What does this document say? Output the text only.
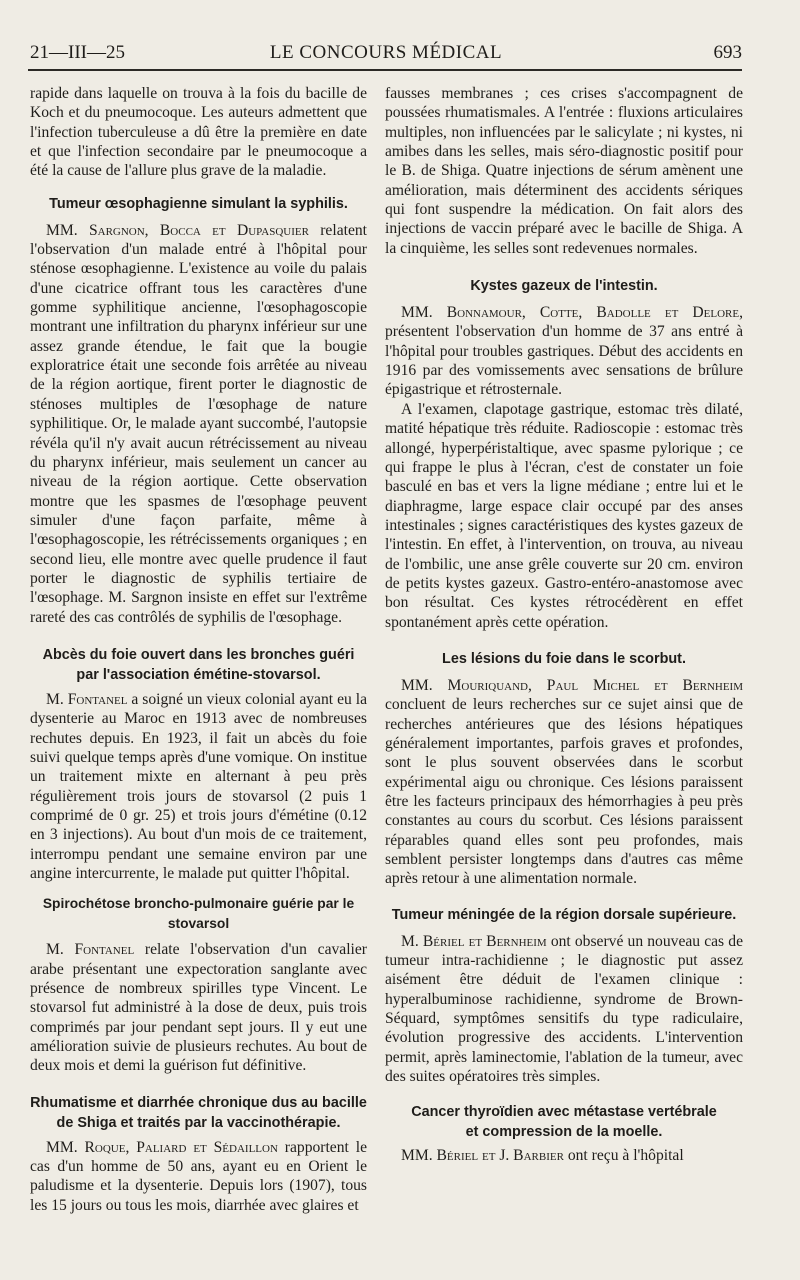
21—III—25	LE CONCOURS MÉDICAL	693

rapide dans laquelle on trouva à la fois du bacille de Koch et du pneumocoque. Les auteurs admettent que l'infection tuberculeuse a dû être la première en date et que l'infection secondaire par le pneumocoque a été la cause de l'allure plus grave de la maladie.

Tumeur œsophagienne simulant la syphilis.

MM. Sargnon, Bocca et Dupasquier relatent l'observation d'un malade entré à l'hôpital pour sténose œsophagienne. L'existence au voile du palais d'une cicatrice offrant tous les caractères d'une gomme syphilitique ancienne, l'œsophagoscopie montrant une infiltration du pharynx inférieur sur une assez grande étendue, le fait que la bougie exploratrice était une seconde fois arrêtée au niveau de la région aortique, firent porter le diagnostic de sténoses multiples de l'œsophage de nature syphilitique. Or, le malade ayant succombé, l'autopsie révéla qu'il n'y avait aucun rétrécissement au niveau du pharynx inférieur, mais seulement un cancer au niveau de la région aortique. Cette observation montre que les spasmes de l'œsophage peuvent simuler d'une façon parfaite, même à l'œsophagoscopie, les rétrécissements organiques ; en second lieu, elle montre avec quelle prudence il faut porter le diagnostic de syphilis tertiaire de l'œsophage. M. Sargnon insiste en effet sur l'extrême rareté des cas contrôlés de syphilis de l'œsophage.

Abcès du foie ouvert dans les bronches guéri
par l'association émétine-stovarsol.

M. Fontanel a soigné un vieux colonial ayant eu la dysenterie au Maroc en 1913 avec de nombreuses rechutes depuis. En 1923, il fait un abcès du foie suivi quelque temps après d'une vomique. On institue un traitement mixte en alternant à peu près régulièrement trois jours de stovarsol (2 puis 1 comprimé de 0 gr. 25) et trois jours d'émétine (0.12 en 3 injections). Au bout d'un mois de ce traitement, interrompu pendant une semaine environ par une angine intercurrente, le malade put quitter l'hôpital.

Spirochétose broncho-pulmonaire guérie par le stovarsol

M. Fontanel relate l'observation d'un cavalier arabe présentant une expectoration sanglante avec présence de nombreux spirilles type Vincent. Le stovarsol fut administré à la dose de deux, puis trois comprimés par jour pendant sept jours. Il y eut une amélioration suivie de plusieurs rechutes. Au bout de deux mois et demi la guérison fut définitive.

Rhumatisme et diarrhée chronique dus au bacille
de Shiga et traités par la vaccinothérapie.

MM. Roque, Paliard et Sédaillon rapportent le cas d'un homme de 50 ans, ayant eu en Orient le paludisme et la dysenterie. Depuis lors (1907), tous les 15 jours ou tous les mois, diarrhée avec glaires et

fausses membranes ; ces crises s'accompagnent de poussées rhumatismales. A l'entrée : fluxions articulaires multiples, non influencées par le salicylate ; ni kystes, ni amibes dans les selles, mais séro-diagnostic positif pour le B. de Shiga. Quatre injections de sérum amènent une amélioration, mais déterminent des accidents sériques qui font suspendre la médication. On fait alors des injections de vaccin préparé avec le bacille de Shiga. A la cinquième, les selles sont redevenues normales.

Kystes gazeux de l'intestin.

MM. Bonnamour, Cotte, Badolle et Delore, présentent l'observation d'un homme de 37 ans entré à l'hôpital pour troubles gastriques. Début des accidents en 1916 par des vomissements avec sensations de brûlure épigastrique et rétrosternale.

A l'examen, clapotage gastrique, estomac très dilaté, matité hépatique très réduite. Radioscopie : estomac très allongé, hyperpéristaltique, avec spasme pylorique ; ce qui frappe le plus à l'écran, c'est de constater un foie basculé en bas et vers la ligne médiane ; entre lui et le diaphragme, large espace clair occupé par des anses intestinales ; signes caractéristiques des kystes gazeux de l'intestin. En effet, à l'intervention, on trouva, au niveau de l'ombilic, une anse grêle couverte sur 20 cm. environ de petits kystes gazeux. Gastro-entéro-anastomose avec bon résultat. Ces kystes rétrocédèrent en effet spontanément après cette opération.

Les lésions du foie dans le scorbut.

MM. Mouriquand, Paul Michel et Bernheim concluent de leurs recherches sur ce sujet ainsi que de recherches antérieures que des lésions hépatiques généralement importantes, parfois graves et profondes, sont le plus souvent observées dans le scorbut expérimental aigu ou chronique. Ces lésions paraissent être les facteurs principaux des hémorrhagies à peu près constantes au cours du scorbut. Ces lésions paraissent réparables quand elles sont peu profondes, mais semblent persister longtemps dans d'autres cas même après retour à une alimentation normale.

Tumeur méningée de la région dorsale supérieure.

M. Bériel et Bernheim ont observé un nouveau cas de tumeur intra-rachidienne ; le diagnostic put assez aisément être déduit de l'examen clinique : hyperalbuminose rachidienne, syndrome de Brown-Séquard, symptômes sensitifs du type radiculaire, évolution progressive des accidents. L'intervention permit, après laminectomie, l'ablation de la tumeur, avec des suites opératoires très simples.

Cancer thyroïdien avec métastase vertébrale
et compression de la moelle.

MM. Bériel et J. Barbier ont reçu à l'hôpital
